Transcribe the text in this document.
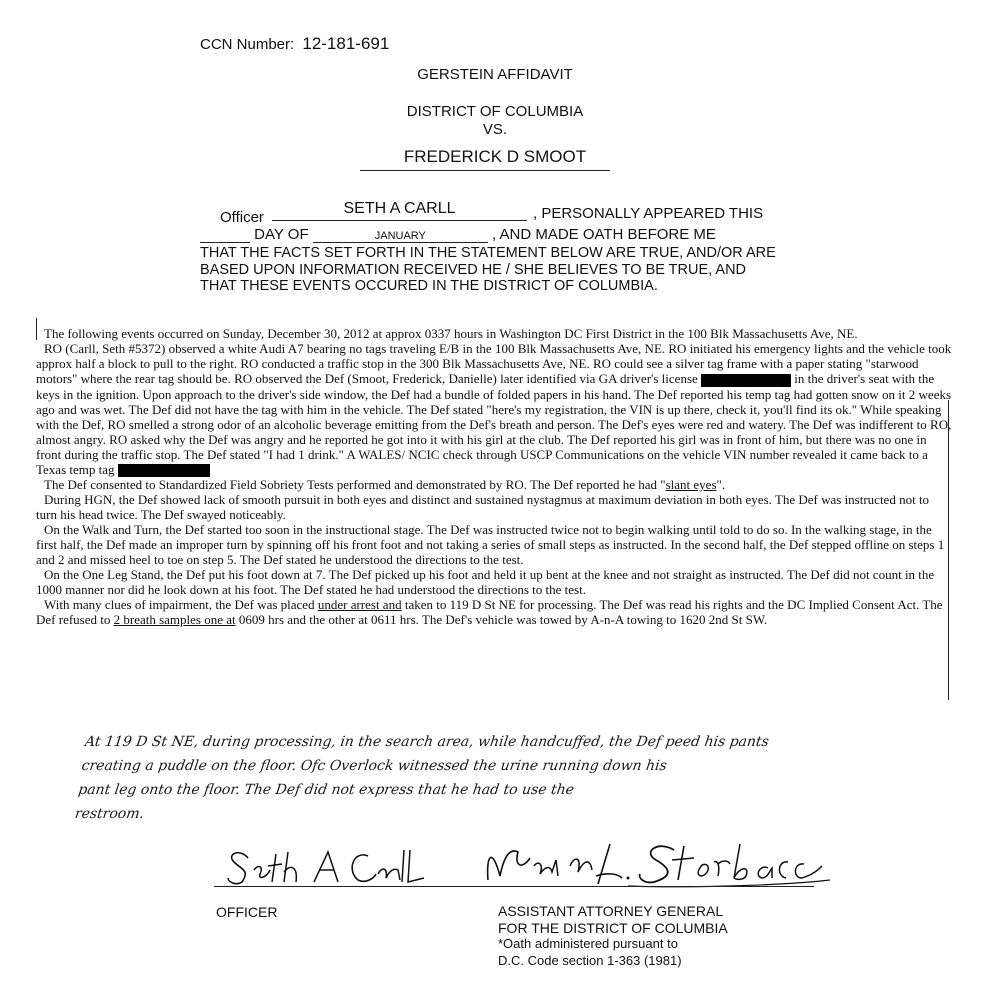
CCN Number: 12-181-691
GERSTEIN AFFIDAVIT
DISTRICT OF COLUMBIA
VS.
FREDERICK D SMOOT
Officer
SETH A CARLL	, PERSONALLY APPEARED THIS
DAY OF	JANUARY	, AND MADE OATH BEFORE ME
THAT THE FACTS SET FORTH IN THE STATEMENT BELOW ARE TRUE, AND/OR ARE BASED UPON INFORMATION RECEIVED HE / SHE BELIEVES TO BE TRUE, AND THAT THESE EVENTS OCCURED IN THE DISTRICT OF COLUMBIA.

The following events occurred on Sunday, December 30, 2012 at approx 0337 hours in Washington DC First District in the 100 Blk Massachusetts Ave, NE.

RO (Carll, Seth #5372) observed a white Audi A7 bearing no tags traveling E/B in the 100 Blk Massachusetts Ave, NE. RO initiated his emergency lights and the vehicle took approx half a block to pull to the right. RO conducted a traffic stop in the 300 Blk Massachusetts Ave, NE. RO could see a silver tag frame with a paper stating "starwood motors" where the rear tag should be. RO observed the Def (Smoot, Frederick, Danielle) later identified via GA driver's license	in the driver's seat with the keys in the ignition. Upon approach to the driver's side window, the Def had a bundle of folded papers in his hand. The Def reported his temp tag had gotten snow on it 2 weeks ago and was wet. The Def did not have the tag with him in the vehicle. The Def stated "here's my registration, the VIN is up there, check it, you'll find its ok." While speaking with the Def, RO smelled a strong odor of an alcoholic beverage emitting from the Def's breath and person. The Def's eyes were red and watery. The Def was indifferent to RO, almost angry. RO asked why the Def was angry and he reported he got into it with his girl at the club. The Def reported his girl was in front of him, but there was no one in front during the traffic stop. The Def stated "I had 1 drink." A WALES/ NCIC check through USCP Communications on the vehicle VIN number revealed it came back to a Texas temp tag

The Def consented to Standardized Field Sobriety Tests performed and demonstrated by RO. The Def reported he had "slant eyes".

During HGN, the Def showed lack of smooth pursuit in both eyes and distinct and sustained nystagmus at maximum deviation in both eyes. The Def was instructed not to turn his head twice. The Def swayed noticeably.

On the Walk and Turn, the Def started too soon in the instructional stage. The Def was instructed twice not to begin walking until told to do so. In the walking stage, in the first half, the Def made an improper turn by spinning off his front foot and not taking a series of small steps as instructed. In the second half, the Def stepped offline on steps 1 and 2 and missed heel to toe on step 5. The Def stated he understood the directions to the test.

On the One Leg Stand, the Def put his foot down at 7. The Def picked up his foot and held it up bent at the knee and not straight as instructed. The Def did not count in the 1000 manner nor did he look down at his foot. The Def stated he had understood the directions to the test.

With many clues of impairment, the Def was placed under arrest and taken to 119 D St NE for processing. The Def was read his rights and the DC Implied Consent Act. The Def refused to 2 breath samples one at 0609 hrs and the other at 0611 hrs. The Def's vehicle was towed by A-n-A towing to 1620 2nd St SW.

At 119 D St NE, during processing, in the search area, while handcuffed, the Def peed his pants
creating a puddle on the floor. Ofc Overlock witnessed the urine running down his
pant leg onto the floor. The Def did not express that he had to use the
restroom.
OFFICER	ASSISTANT ATTORNEY GENERAL
FOR THE DISTRICT OF COLUMBIA
*Oath administered pursuant to
D.C. Code section 1-363 (1981)
